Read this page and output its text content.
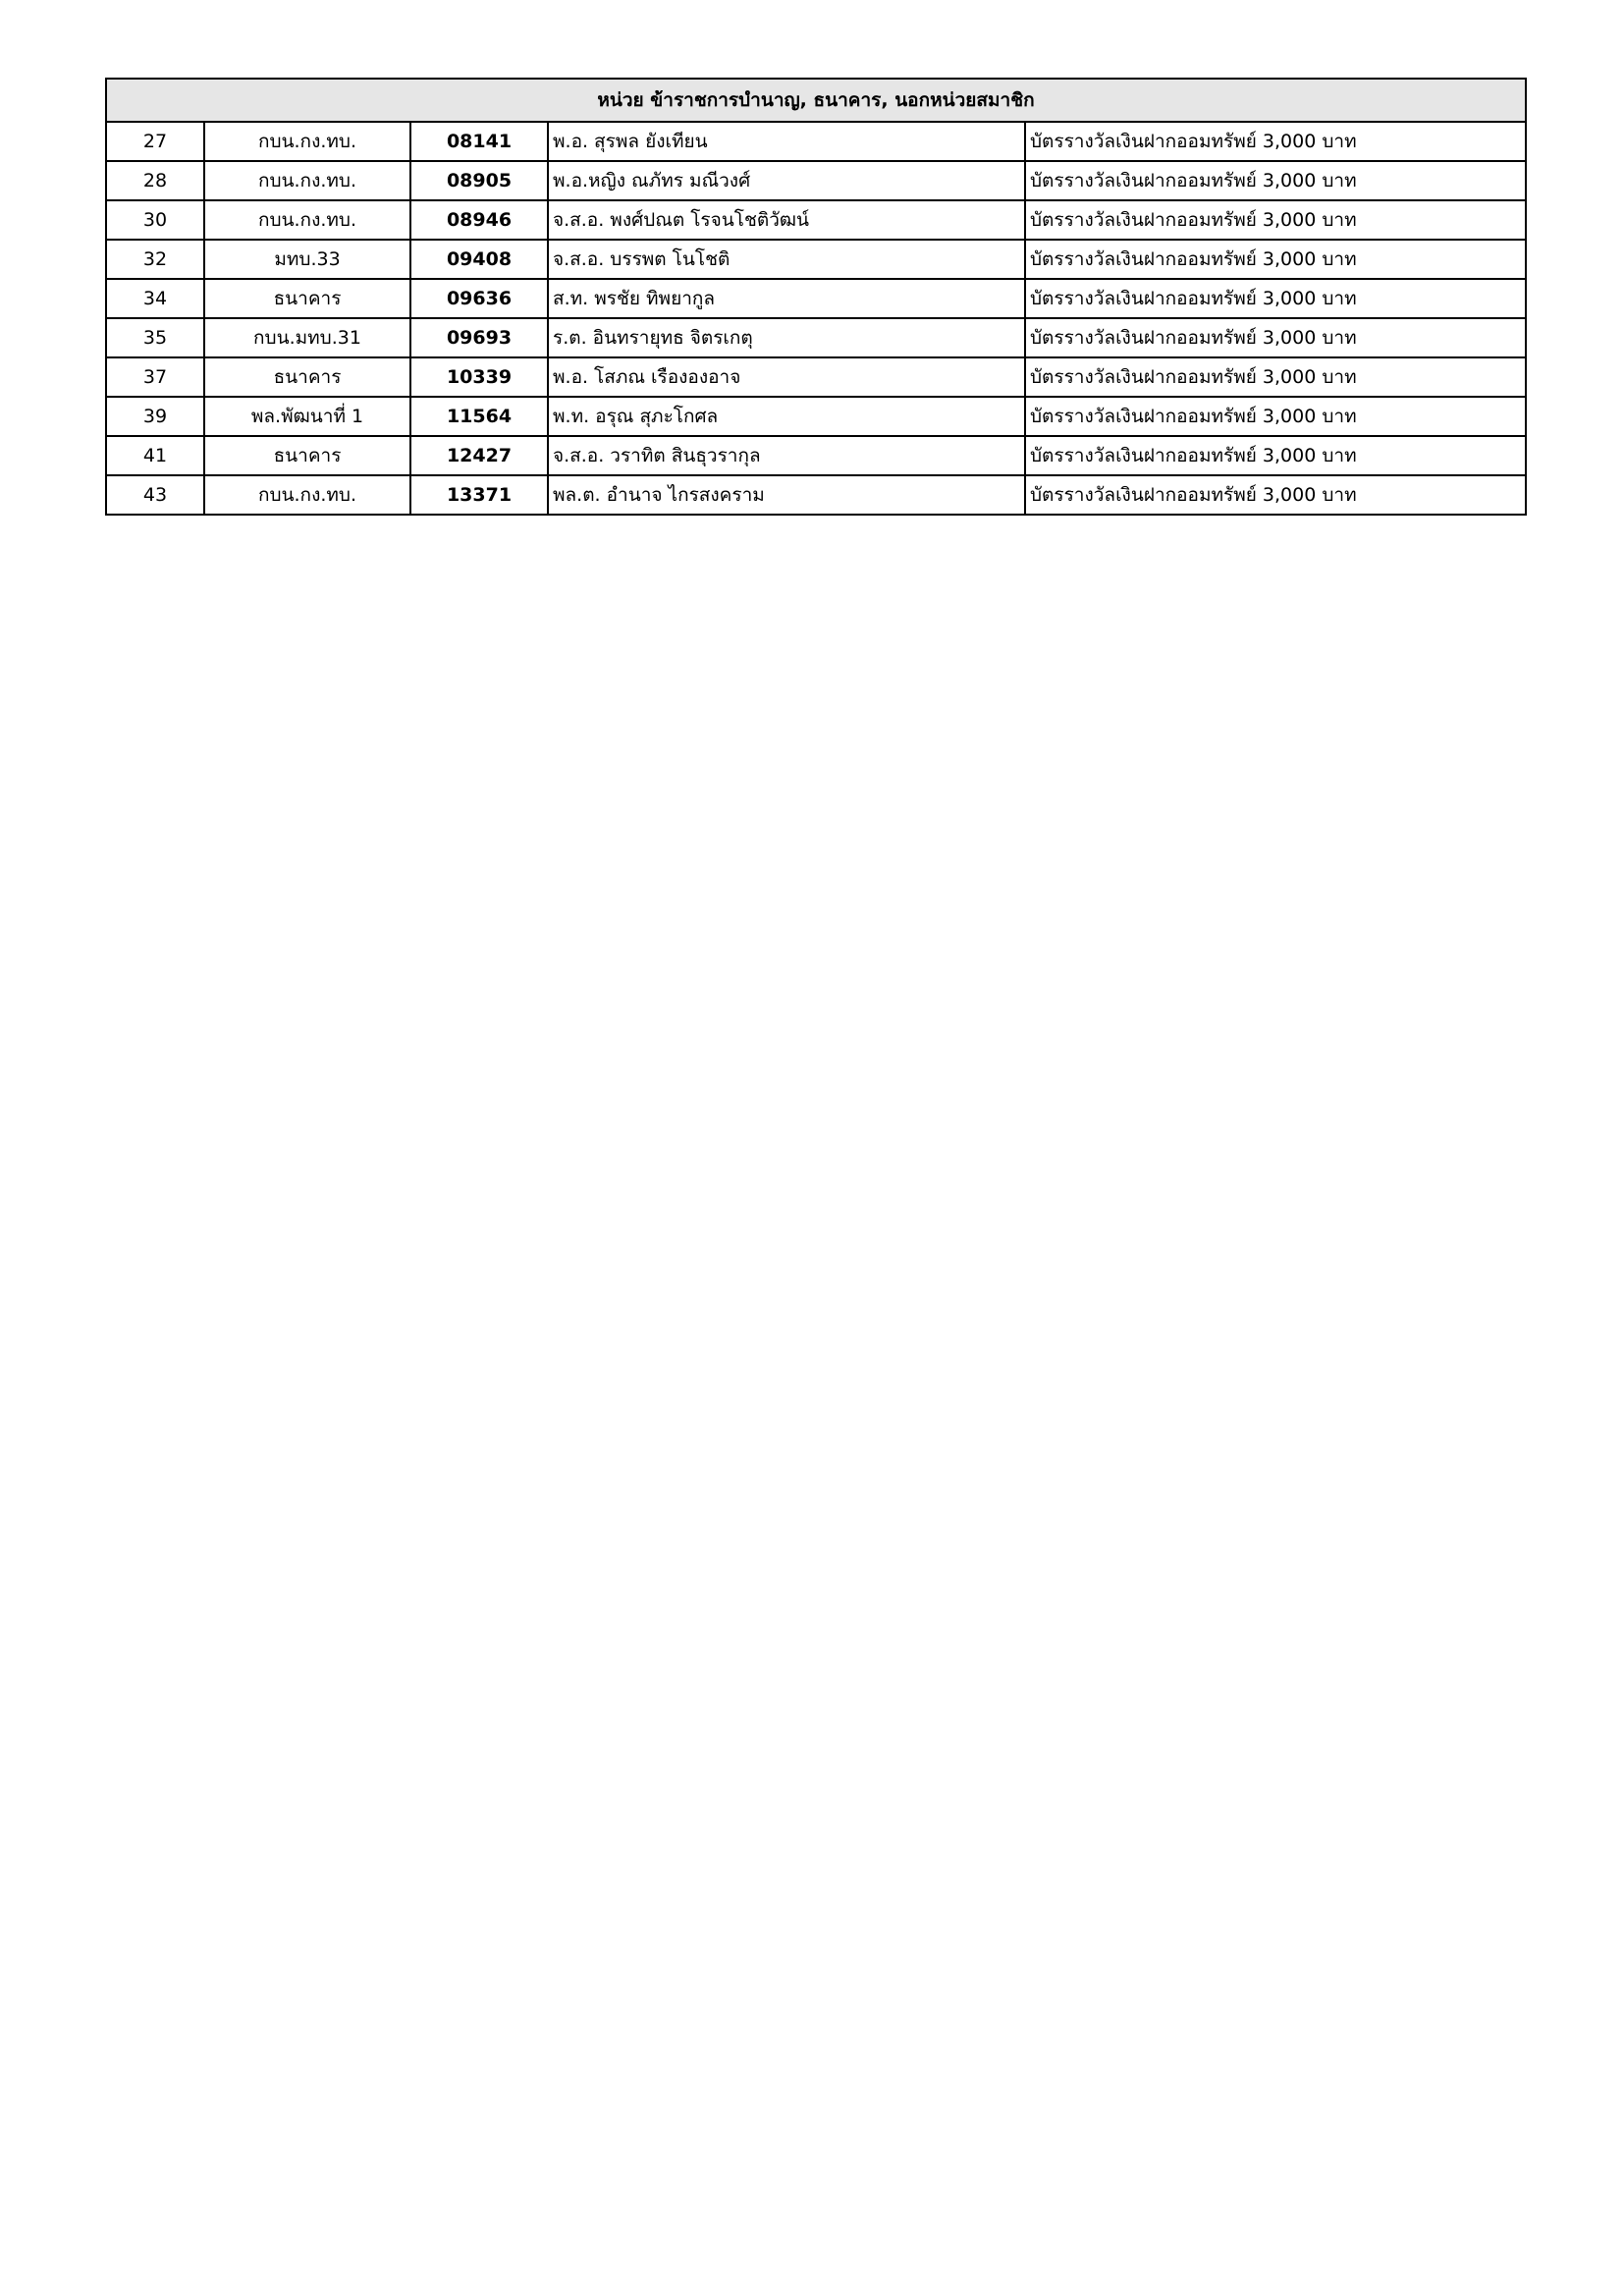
หน่วย ข้าราชการบำนาญ, ธนาคาร, นอกหน่วยสมาชิก				
27	กบน.กง.ทบ.	08141	พ.อ. สุรพล ยังเทียน	บัตรรางวัลเงินฝากออมทรัพย์ 3,000 บาท
28	กบน.กง.ทบ.	08905	พ.อ.หญิง ณภัทร มณีวงศ์	บัตรรางวัลเงินฝากออมทรัพย์ 3,000 บาท
30	กบน.กง.ทบ.	08946	จ.ส.อ. พงศ์ปณต โรจนโชติวัฒน์	บัตรรางวัลเงินฝากออมทรัพย์ 3,000 บาท
32	มทบ.33	09408	จ.ส.อ. บรรพต โนโชติ	บัตรรางวัลเงินฝากออมทรัพย์ 3,000 บาท
34	ธนาคาร	09636	ส.ท. พรชัย ทิพยากูล	บัตรรางวัลเงินฝากออมทรัพย์ 3,000 บาท
35	กบน.มทบ.31	09693	ร.ต. อินทรายุทธ จิตรเกตุ	บัตรรางวัลเงินฝากออมทรัพย์ 3,000 บาท
37	ธนาคาร	10339	พ.อ. โสภณ เรืององอาจ	บัตรรางวัลเงินฝากออมทรัพย์ 3,000 บาท
39	พล.พัฒนาที่ 1	11564	พ.ท. อรุณ สุภะโกศล	บัตรรางวัลเงินฝากออมทรัพย์ 3,000 บาท
41	ธนาคาร	12427	จ.ส.อ. วราทิต สินธุวรากุล	บัตรรางวัลเงินฝากออมทรัพย์ 3,000 บาท
43	กบน.กง.ทบ.	13371	พล.ต. อำนาจ ไกรสงคราม	บัตรรางวัลเงินฝากออมทรัพย์ 3,000 บาท
